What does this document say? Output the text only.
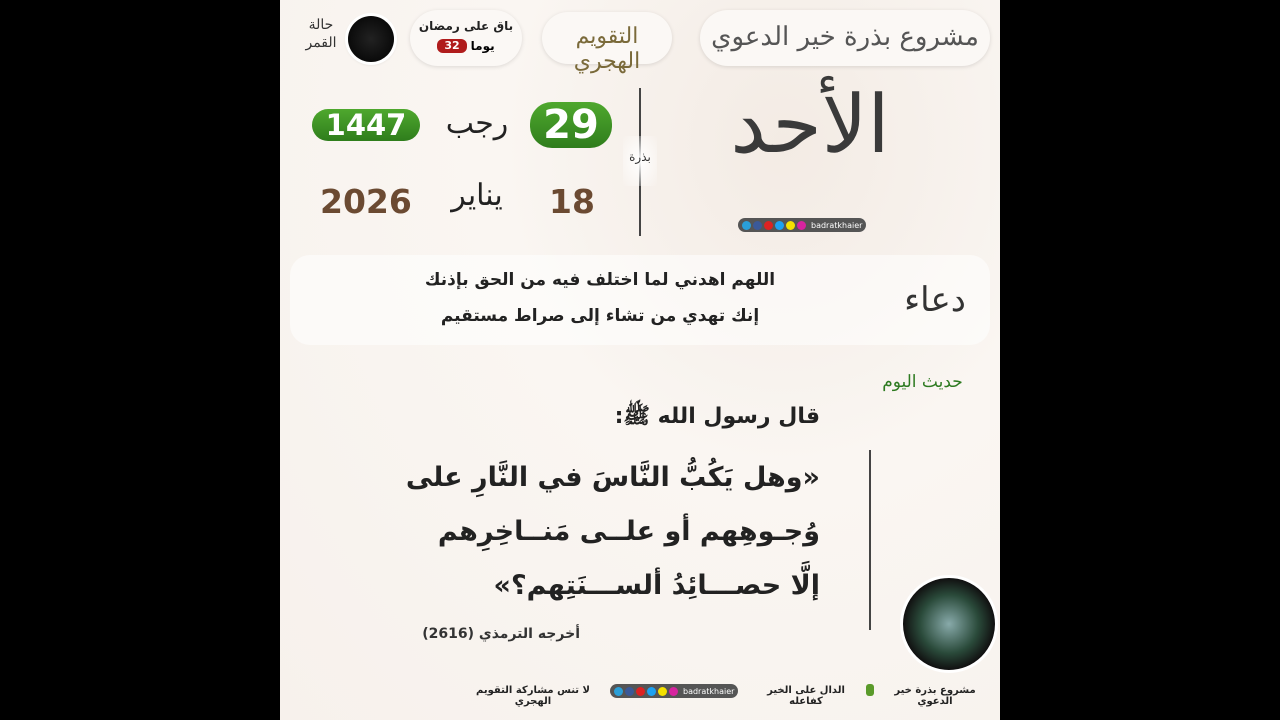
مشروع بذرة خير الدعوي
التقويم الهجري
باق على رمضان
يوما
32
حالة القمر
الأحد
بذرة
29
رجب
1447
18
يناير
2026
badratkhaier
دعاء
اللهم اهدني لما اختلف فيه من الحق بإذنك
إنك تهدي من تشاء إلى صراط مستقيم
حديث اليوم
قال رسول الله ﷺ:
«وهل يَكُبُّ النَّاسَ في النَّارِ على
وُجـوهِهم أو علــى مَنــاخِرِهم
إلَّا حصـــائِدُ ألســـنَتِهم؟»
أخرجه الترمذي (2616)
مشروع بذرة خير الدعوي
الدال على الخير كفاعله
badratkhaier
لا تنس مشاركة التقويم الهجري
